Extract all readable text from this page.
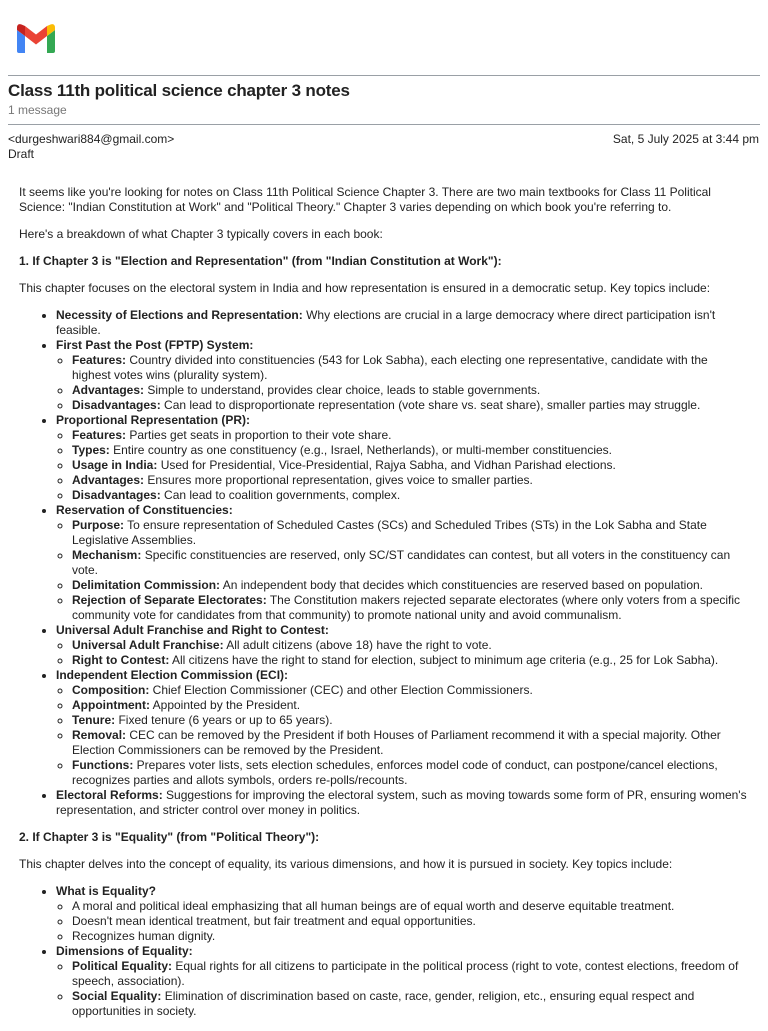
Class 11th political science chapter 3 notes
1 message
<durgeshwari884@gmail.com>
Draft
Sat, 5 July 2025 at 3:44 pm

It seems like you're looking for notes on Class 11th Political Science Chapter 3. There are two main textbooks for Class 11 Political Science: "Indian Constitution at Work" and "Political Theory." Chapter 3 varies depending on which book you're referring to.

Here's a breakdown of what Chapter 3 typically covers in each book:

1. If Chapter 3 is "Election and Representation" (from "Indian Constitution at Work"):

This chapter focuses on the electoral system in India and how representation is ensured in a democratic setup. Key topics include:

• Necessity of Elections and Representation: Why elections are crucial in a large democracy where direct participation isn't feasible.
• First Past the Post (FPTP) System:
◦ Features: Country divided into constituencies (543 for Lok Sabha), each electing one representative, candidate with the highest votes wins (plurality system).
◦ Advantages: Simple to understand, provides clear choice, leads to stable governments.
◦ Disadvantages: Can lead to disproportionate representation (vote share vs. seat share), smaller parties may struggle.
• Proportional Representation (PR):
◦ Features: Parties get seats in proportion to their vote share.
◦ Types: Entire country as one constituency (e.g., Israel, Netherlands), or multi-member constituencies.
◦ Usage in India: Used for Presidential, Vice-Presidential, Rajya Sabha, and Vidhan Parishad elections.
◦ Advantages: Ensures more proportional representation, gives voice to smaller parties.
◦ Disadvantages: Can lead to coalition governments, complex.
• Reservation of Constituencies:
◦ Purpose: To ensure representation of Scheduled Castes (SCs) and Scheduled Tribes (STs) in the Lok Sabha and State Legislative Assemblies.
◦ Mechanism: Specific constituencies are reserved, only SC/ST candidates can contest, but all voters in the constituency can vote.
◦ Delimitation Commission: An independent body that decides which constituencies are reserved based on population.
◦ Rejection of Separate Electorates: The Constitution makers rejected separate electorates (where only voters from a specific community vote for candidates from that community) to promote national unity and avoid communalism.
• Universal Adult Franchise and Right to Contest:
◦ Universal Adult Franchise: All adult citizens (above 18) have the right to vote.
◦ Right to Contest: All citizens have the right to stand for election, subject to minimum age criteria (e.g., 25 for Lok Sabha).
• Independent Election Commission (ECI):
◦ Composition: Chief Election Commissioner (CEC) and other Election Commissioners.
◦ Appointment: Appointed by the President.
◦ Tenure: Fixed tenure (6 years or up to 65 years).
◦ Removal: CEC can be removed by the President if both Houses of Parliament recommend it with a special majority. Other Election Commissioners can be removed by the President.
◦ Functions: Prepares voter lists, sets election schedules, enforces model code of conduct, can postpone/cancel elections, recognizes parties and allots symbols, orders re-polls/recounts.
• Electoral Reforms: Suggestions for improving the electoral system, such as moving towards some form of PR, ensuring women's representation, and stricter control over money in politics.

2. If Chapter 3 is "Equality" (from "Political Theory"):

This chapter delves into the concept of equality, its various dimensions, and how it is pursued in society. Key topics include:

• What is Equality?
◦ A moral and political ideal emphasizing that all human beings are of equal worth and deserve equitable treatment.
◦ Doesn't mean identical treatment, but fair treatment and equal opportunities.
◦ Recognizes human dignity.
• Dimensions of Equality:
◦ Political Equality: Equal rights for all citizens to participate in the political process (right to vote, contest elections, freedom of speech, association).
◦ Social Equality: Elimination of discrimination based on caste, race, gender, religion, etc., ensuring equal respect and opportunities in society.
